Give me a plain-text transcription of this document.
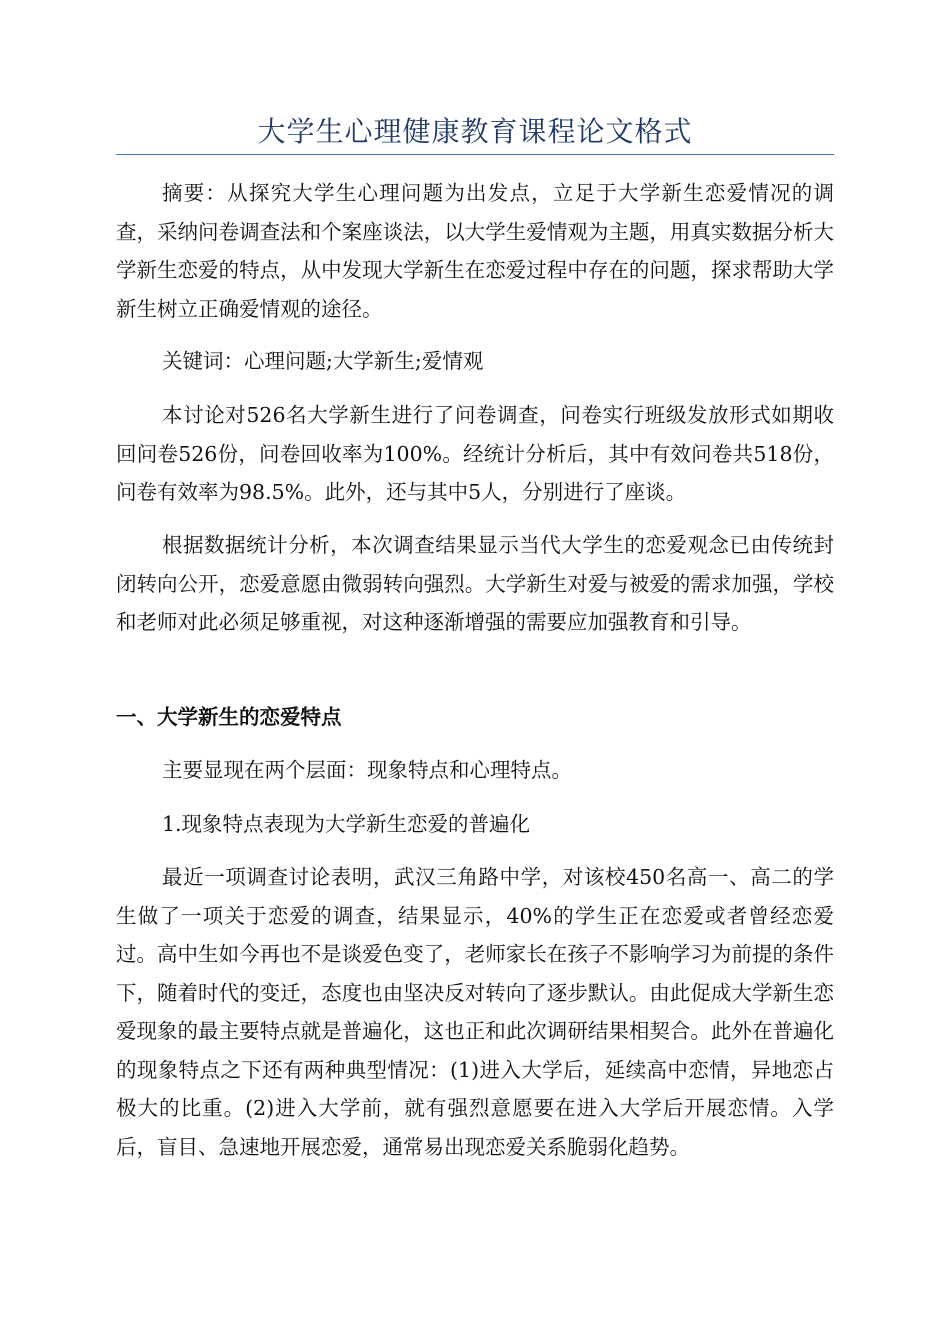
大学生心理健康教育课程论文格式

摘要：从探究大学生心理问题为出发点，立足于大学新生恋爱情况的调查，采纳问卷调查法和个案座谈法，以大学生爱情观为主题，用真实数据分析大学新生恋爱的特点，从中发现大学新生在恋爱过程中存在的问题，探求帮助大学新生树立正确爱情观的途径。

关键词：心理问题;大学新生;爱情观

本讨论对526名大学新生进行了问卷调查，问卷实行班级发放形式如期收回问卷526份，问卷回收率为100%。经统计分析后，其中有效问卷共518份，问卷有效率为98.5%。此外，还与其中5人，分别进行了座谈。

根据数据统计分析，本次调查结果显示当代大学生的恋爱观念已由传统封闭转向公开，恋爱意愿由微弱转向强烈。大学新生对爱与被爱的需求加强，学校和老师对此必须足够重视，对这种逐渐增强的需要应加强教育和引导。

一、大学新生的恋爱特点

主要显现在两个层面：现象特点和心理特点。

1.现象特点表现为大学新生恋爱的普遍化

最近一项调查讨论表明，武汉三角路中学，对该校450名高一、高二的学生做了一项关于恋爱的调查，结果显示，40%的学生正在恋爱或者曾经恋爱过。高中生如今再也不是谈爱色变了，老师家长在孩子不影响学习为前提的条件下，随着时代的变迁，态度也由坚决反对转向了逐步默认。由此促成大学新生恋爱现象的最主要特点就是普遍化，这也正和此次调研结果相契合。此外在普遍化的现象特点之下还有两种典型情况：(1)进入大学后，延续高中恋情，异地恋占极大的比重。(2)进入大学前，就有强烈意愿要在进入大学后开展恋情。入学后，盲目、急速地开展恋爱，通常易出现恋爱关系脆弱化趋势。
